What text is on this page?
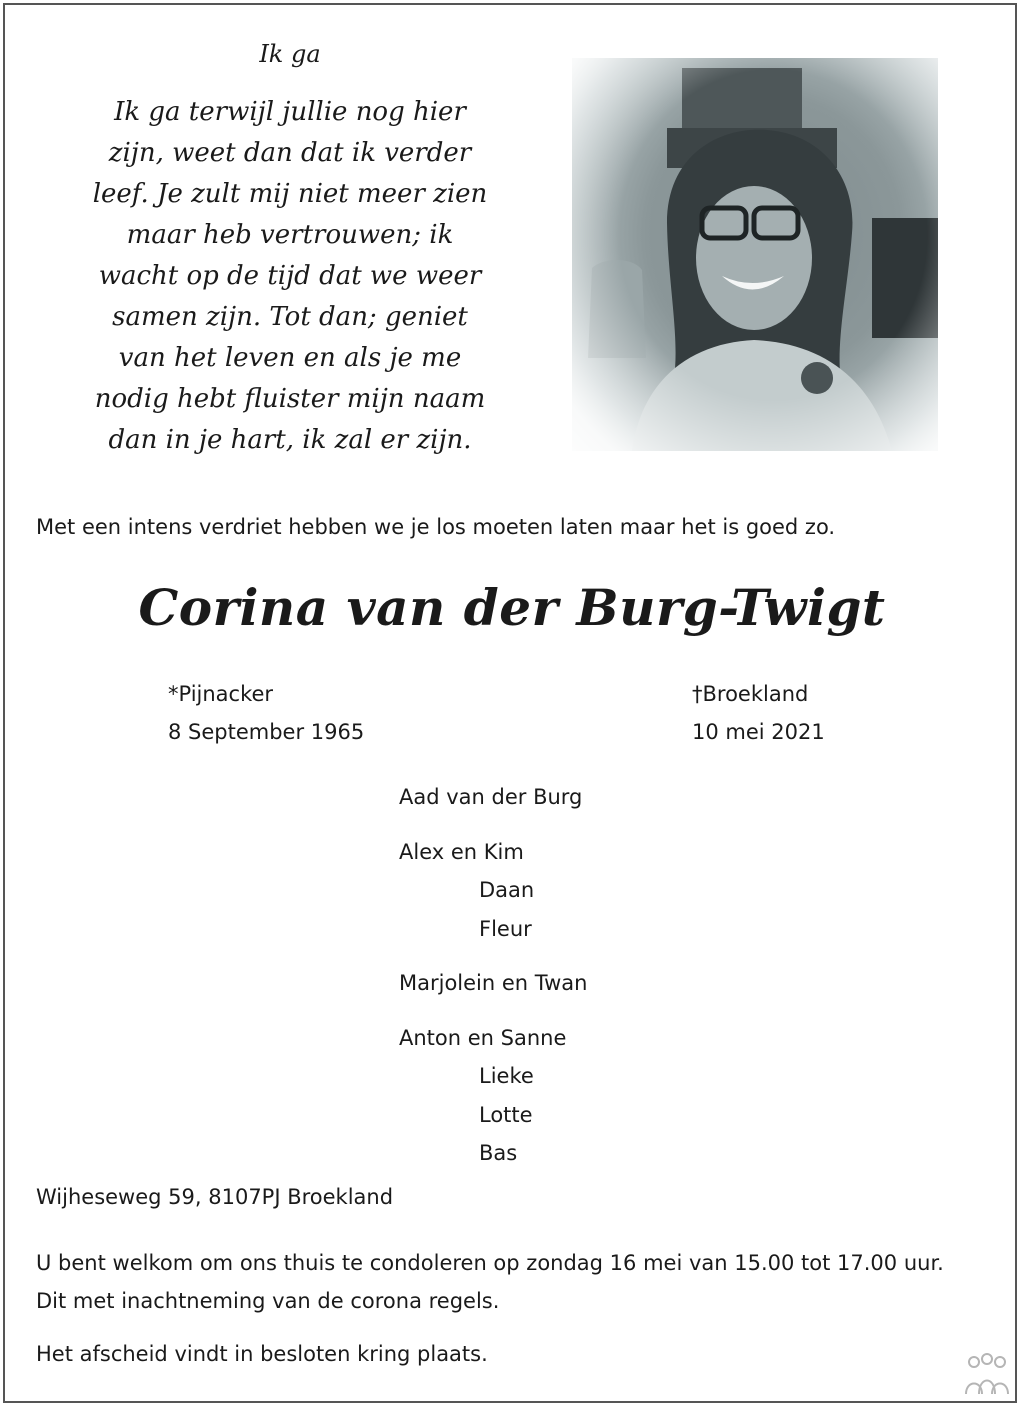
Ik ga
Ik ga terwijl jullie nog hier
zijn, weet dan dat ik verder
leef. Je zult mij niet meer zien
maar heb vertrouwen; ik
wacht op de tijd dat we weer
samen zijn. Tot dan; geniet
van het leven en als je me
nodig hebt fluister mijn naam
dan in je hart, ik zal er zijn.
Met een intens verdriet hebben we je los moeten laten maar het is goed zo.
Corina van der Burg-Twigt
*Pijnacker
8 September 1965
†Broekland
10 mei 2021
Aad van der Burg
Alex en Kim
Daan
Fleur
Marjolein en Twan
Anton en Sanne
Lieke
Lotte
Bas
Wijheseweg 59, 8107PJ Broekland
U bent welkom om ons thuis te condoleren op zondag 16 mei van 15.00 tot 17.00 uur.
Dit met inachtneming van de corona regels.
Het afscheid vindt in besloten kring plaats.
